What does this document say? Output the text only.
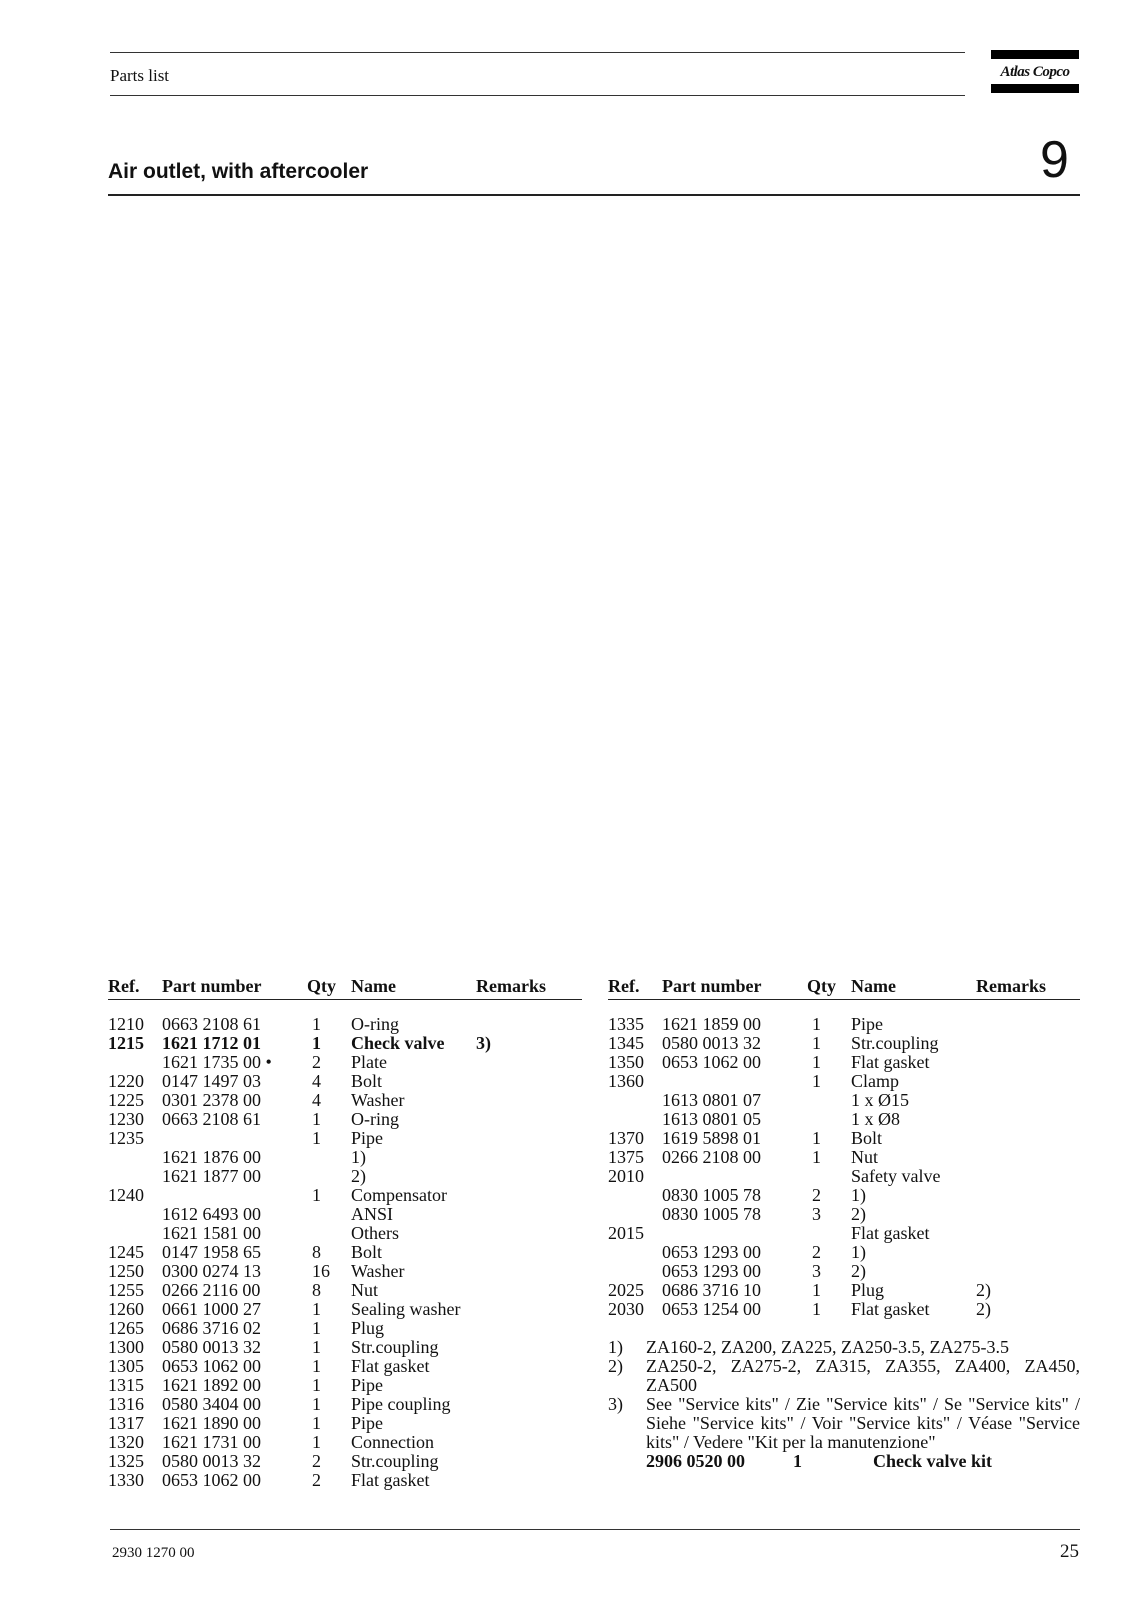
Parts list	Atlas Copco
Air outlet, with aftercooler	9
Ref. Part number	Qty Name	Remarks
1210 0663 2108 61	1 O-ring
1215 1621 1712 01	1 Check valve 3)
1621 1735 00 • 2 Plate
1220 0147 1497 03	4 Bolt
1225 0301 2378 00	4 Washer
1230 0663 2108 61	1 O-ring
1235	1 Pipe
1621 1876 00	1)
1621 1877 00	2)
1240	1 Compensator
1612 6493 00	ANSI
1621 1581 00	Others
1245 0147 1958 65	8 Bolt
1250 0300 0274 13	16 Washer
1255 0266 2116 00	8 Nut
1260 0661 1000 27	1 Sealing washer
1265 0686 3716 02	1 Plug
1300 0580 0013 32	1 Str.coupling
1305 0653 1062 00	1 Flat gasket
1315 1621 1892 00	1 Pipe
1316 0580 3404 00	1 Pipe coupling
1317 1621 1890 00	1 Pipe
1320 1621 1731 00	1 Connection
1325 0580 0013 32	2 Str.coupling
1330 0653 1062 00	2 Flat gasket
Ref. Part number	Qty Name	Remarks
1335 1621 1859 00	1 Pipe
1345 0580 0013 32	1 Str.coupling
1350 0653 1062 00	1 Flat gasket
1360	1 Clamp
1613 0801 07	1 x Ø15
1613 0801 05	1 x Ø8
1370 1619 5898 01	1 Bolt
1375 0266 2108 00	1 Nut
2010	Safety valve
0830 1005 78	2 1)
0830 1005 78	3 2)
2015	Flat gasket
0653 1293 00	2 1)
0653 1293 00	3 2)
2025 0686 3716 10	1 Plug	2)
2030 0653 1254 00	1 Flat gasket	2)
1) ZA160-2, ZA200, ZA225, ZA250-3.5, ZA275-3.5
2) ZA250-2, ZA275-2, ZA315, ZA355, ZA400, ZA450, ZA500
3) See "Service kits" / Zie "Service kits" / Se "Service kits" / Siehe "Service kits" / Voir "Service kits" / Véase "Service kits" / Vedere "Kit per la manutenzione"
2906 0520 00	1	Check valve kit
2930 1270 00	25
